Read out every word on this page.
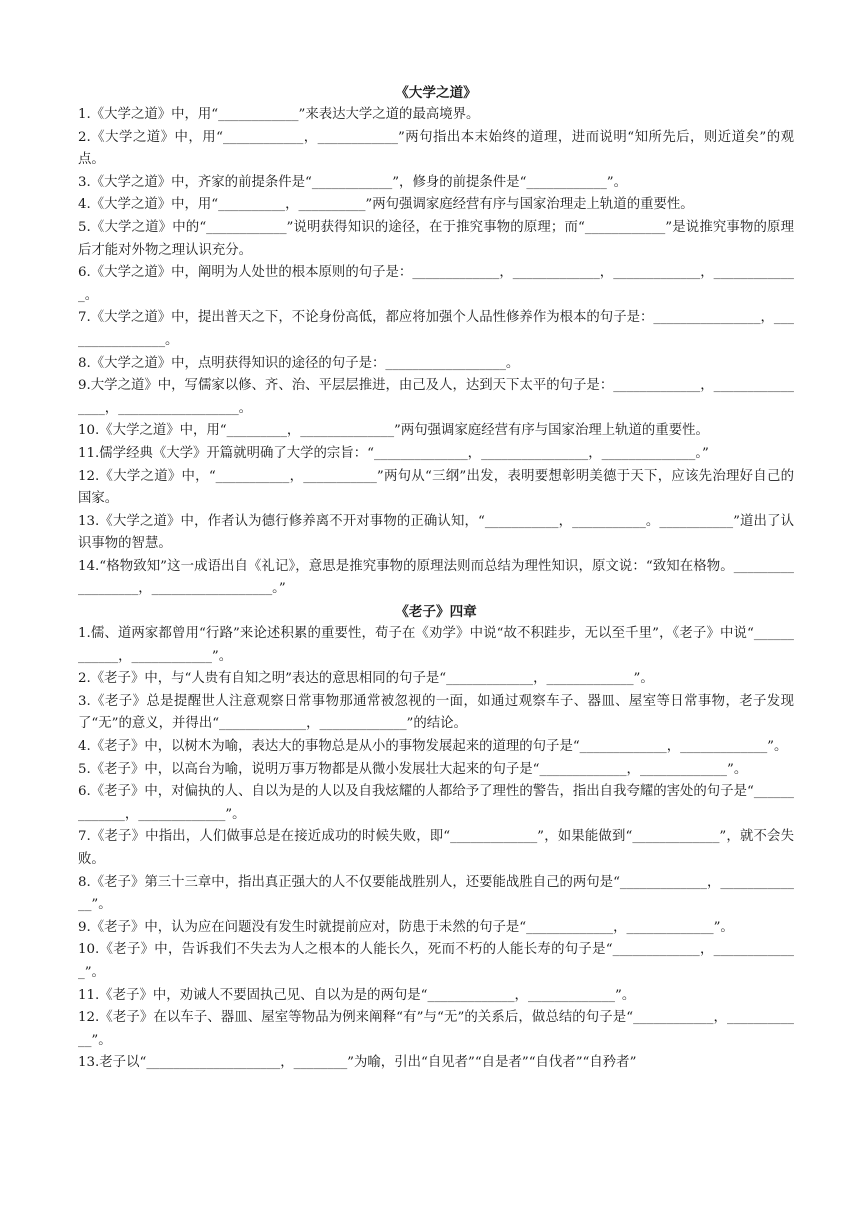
《大学之道》

1.《大学之道》中，用“____________”来表达大学之道的最高境界。

2.《大学之道》中，用“____________，____________”两句指出本末始终的道理，进而说明“知所先后，则近道矣”的观点。

3.《大学之道》中，齐家的前提条件是“____________”，修身的前提条件是“____________”。

4.《大学之道》中，用“__________，__________”两句强调家庭经营有序与国家治理走上轨道的重要性。

5.《大学之道》中的“____________”说明获得知识的途径，在于推究事物的原理；而“____________”是说推究事物的原理后才能对外物之理认识充分。

6.《大学之道》中，阐明为人处世的根本原则的句子是：_____________，_____________，_____________，_____________。

7.《大学之道》中，提出普天之下，不论身份高低，都应将加强个人品性修养作为根本的句子是：________________，________________。

8.《大学之道》中，点明获得知识的途径的句子是：__________________。

9.大学之道》中，写儒家以修、齐、治、平层层推进，由己及人，达到天下太平的句子是：_____________，________________，__________________。

10.《大学之道》中，用“_________，______________”两句强调家庭经营有序与国家治理上轨道的重要性。

11.儒学经典《大学》开篇就明确了大学的宗旨：“______________，________________，______________。”

12.《大学之道》中，“___________，___________”两句从“三纲”出发，表明要想彰明美德于天下，应该先治理好自己的国家。

13.《大学之道》中，作者认为德行修养离不开对事物的正确认知，“___________，___________。___________”道出了认识事物的智慧。

14.“格物致知”这一成语出自《礼记》，意思是推究事物的原理法则而总结为理性知识，原文说：“致知在格物。__________________，__________________。”

《老子》四章

1.儒、道两家都曾用“行路”来论述积累的重要性，荀子在《劝学》中说“故不积跬步，无以至千里”，《老子》中说“____________，____________”。

2.《老子》中，与“人贵有自知之明”表达的意思相同的句子是“_____________，_____________”。

3.《老子》总是提醒世人注意观察日常事物那通常被忽视的一面，如通过观察车子、器皿、屋室等日常事物，老子发现了“无”的意义，并得出“_____________，_____________”的结论。

4.《老子》中，以树木为喻，表达大的事物总是从小的事物发展起来的道理的句子是“_____________，_____________”。

5.《老子》中，以高台为喻，说明万事万物都是从微小发展壮大起来的句子是“_____________，_____________”。

6.《老子》中，对偏执的人、自以为是的人以及自我炫耀的人都给予了理性的警告，指出自我夸耀的害处的句子是“_____________，_____________”。

7.《老子》中指出，人们做事总是在接近成功的时候失败，即“_____________”，如果能做到“_____________”，就不会失败。

8.《老子》第三十三章中，指出真正强大的人不仅要能战胜别人，还要能战胜自己的两句是“_____________，_____________”。

9.《老子》中，认为应在问题没有发生时就提前应对，防患于未然的句子是“_____________，_____________”。

10.《老子》中，告诉我们不失去为人之根本的人能长久，死而不朽的人能长寿的句子是“_____________，_____________”。

11.《老子》中，劝诫人不要固执己见、自以为是的两句是“_____________，_____________”。

12.《老子》在以车子、器皿、屋室等物品为例来阐释“有”与“无”的关系后，做总结的句子是“____________，____________”。

13.老子以“____________________，________”为喻，引出“自见者”“自是者”“自伐者”“自矜者”
